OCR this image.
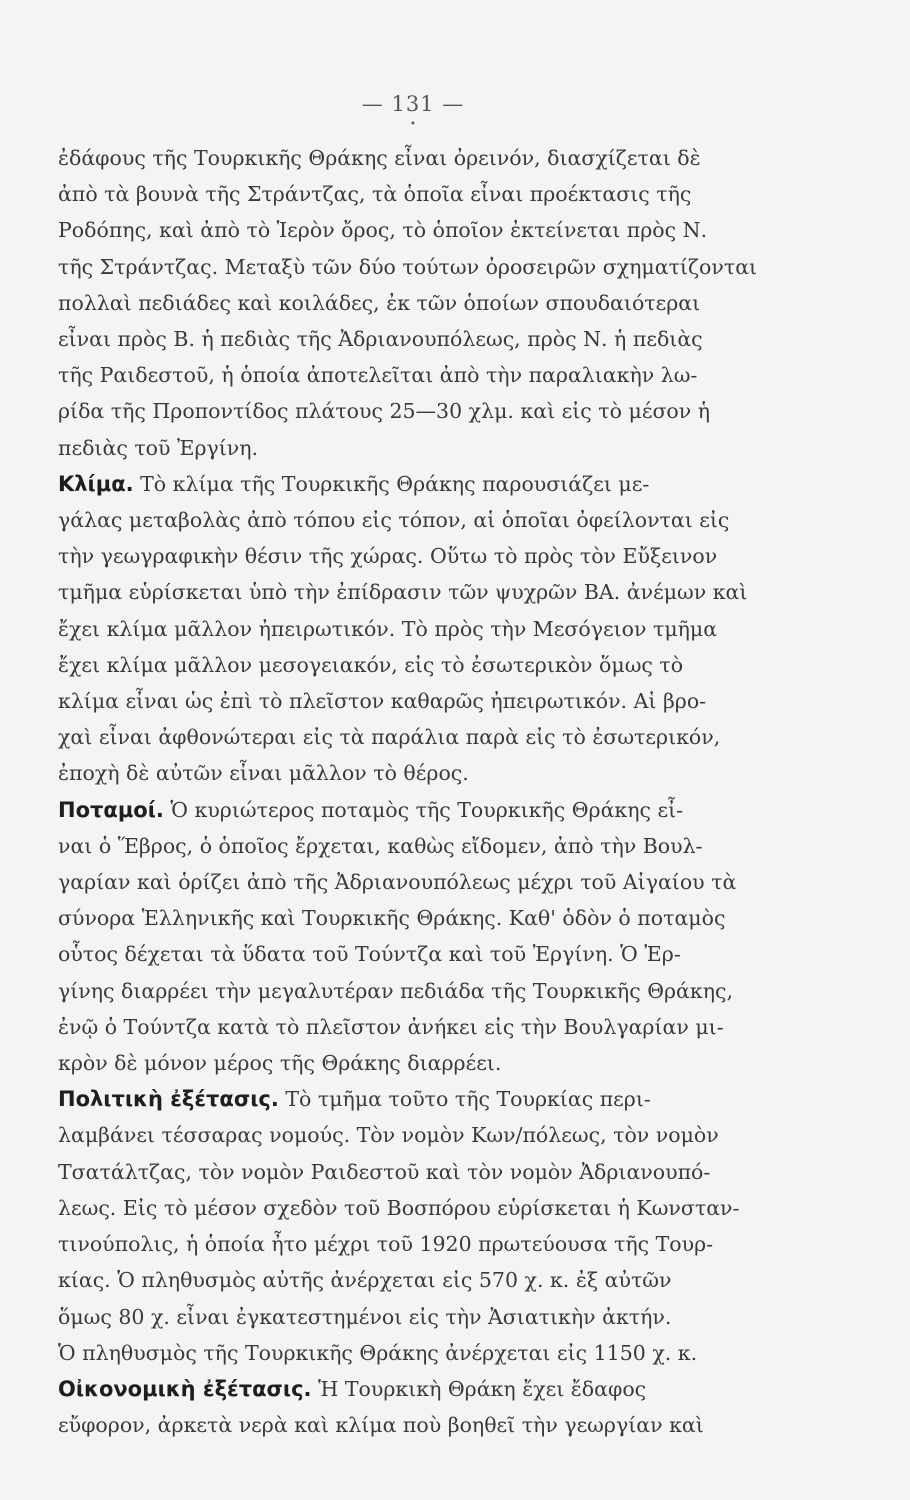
— 131 —
•
ἐδάφους τῆς Τουρκικῆς Θράκης εἶναι ὀρεινόν, διασχίζεται δὲ
ἀπὸ τὰ βουνὰ τῆς Στράντζας, τὰ ὁποῖα εἶναι προέκτασις τῆς
Ροδόπης, καὶ ἀπὸ τὸ Ἱερὸν ὄρος, τὸ ὁποῖον ἐκτείνεται πρὸς Ν.
τῆς Στράντζας. Μεταξὺ τῶν δύο τούτων ὀροσειρῶν σχηματίζονται
πολλαὶ πεδιάδες καὶ κοιλάδες, ἐκ τῶν ὁποίων σπουδαιότεραι
εἶναι πρὸς Β. ἡ πεδιὰς τῆς Ἀδριανουπόλεως, πρὸς Ν. ἡ πεδιὰς
τῆς Ραιδεστοῦ, ἡ ὁποία ἀποτελεῖται ἀπὸ τὴν παραλιακὴν λω-
ρίδα τῆς Προποντίδος πλάτους 25—30 χλμ. καὶ εἰς τὸ μέσον ἡ
πεδιὰς τοῦ Ἐργίνη.
Κλίμα. Τὸ κλίμα τῆς Τουρκικῆς Θράκης παρουσιάζει με-
γάλας μεταβολὰς ἀπὸ τόπου εἰς τόπον, αἱ ὁποῖαι ὀφείλονται εἰς
τὴν γεωγραφικὴν θέσιν τῆς χώρας. Οὕτω τὸ πρὸς τὸν Εὔξεινον
τμῆμα εὑρίσκεται ὑπὸ τὴν ἐπίδρασιν τῶν ψυχρῶν ΒΑ. ἀνέμων καὶ
ἔχει κλίμα μᾶλλον ἠπειρωτικόν. Τὸ πρὸς τὴν Μεσόγειον τμῆμα
ἔχει κλίμα μᾶλλον μεσογειακόν, εἰς τὸ ἐσωτερικὸν ὅμως τὸ
κλίμα εἶναι ὡς ἐπὶ τὸ πλεῖστον καθαρῶς ἠπειρωτικόν. Αἱ βρο-
χαὶ εἶναι ἀφθονώτεραι εἰς τὰ παράλια παρὰ εἰς τὸ ἐσωτερικόν,
ἐποχὴ δὲ αὐτῶν εἶναι μᾶλλον τὸ θέρος.
Ποταμοί. Ὁ κυριώτερος ποταμὸς τῆς Τουρκικῆς Θράκης εἶ-
ναι ὁ Ἕβρος, ὁ ὁποῖος ἔρχεται, καθὼς εἴδομεν, ἀπὸ τὴν Βουλ-
γαρίαν καὶ ὁρίζει ἀπὸ τῆς Ἀδριανουπόλεως μέχρι τοῦ Αἰγαίου τὰ
σύνορα Ἑλληνικῆς καὶ Τουρκικῆς Θράκης. Καθ' ὁδὸν ὁ ποταμὸς
οὗτος δέχεται τὰ ὕδατα τοῦ Τούντζα καὶ τοῦ Ἐργίνη. Ὁ Ἐρ-
γίνης διαρρέει τὴν μεγαλυτέραν πεδιάδα τῆς Τουρκικῆς Θράκης,
ἐνῷ ὁ Τούντζα κατὰ τὸ πλεῖστον ἀνήκει εἰς τὴν Βουλγαρίαν μι-
κρὸν δὲ μόνον μέρος τῆς Θράκης διαρρέει.
Πολιτικὴ ἐξέτασις. Τὸ τμῆμα τοῦτο τῆς Τουρκίας περι-
λαμβάνει τέσσαρας νομούς. Τὸν νομὸν Κων/πόλεως, τὸν νομὸν
Τσατάλτζας, τὸν νομὸν Ραιδεστοῦ καὶ τὸν νομὸν Ἀδριανουπό-
λεως. Εἰς τὸ μέσον σχεδὸν τοῦ Βοσπόρου εὑρίσκεται ἡ Κωνσταν-
τινούπολις, ἡ ὁποία ἦτο μέχρι τοῦ 1920 πρωτεύουσα τῆς Τουρ-
κίας. Ὁ πληθυσμὸς αὐτῆς ἀνέρχεται εἰς 570 χ. κ. ἐξ αὐτῶν
ὅμως 80 χ. εἶναι ἐγκατεστημένοι εἰς τὴν Ἀσιατικὴν ἀκτήν.
Ὁ πληθυσμὸς τῆς Τουρκικῆς Θράκης ἀνέρχεται εἰς 1150 χ. κ.
Οἰκονομικὴ ἐξέτασις. Ἡ Τουρκικὴ Θράκη ἔχει ἔδαφος
εὔφορον, ἀρκετὰ νερὰ καὶ κλίμα ποὺ βοηθεῖ τὴν γεωργίαν καὶ
